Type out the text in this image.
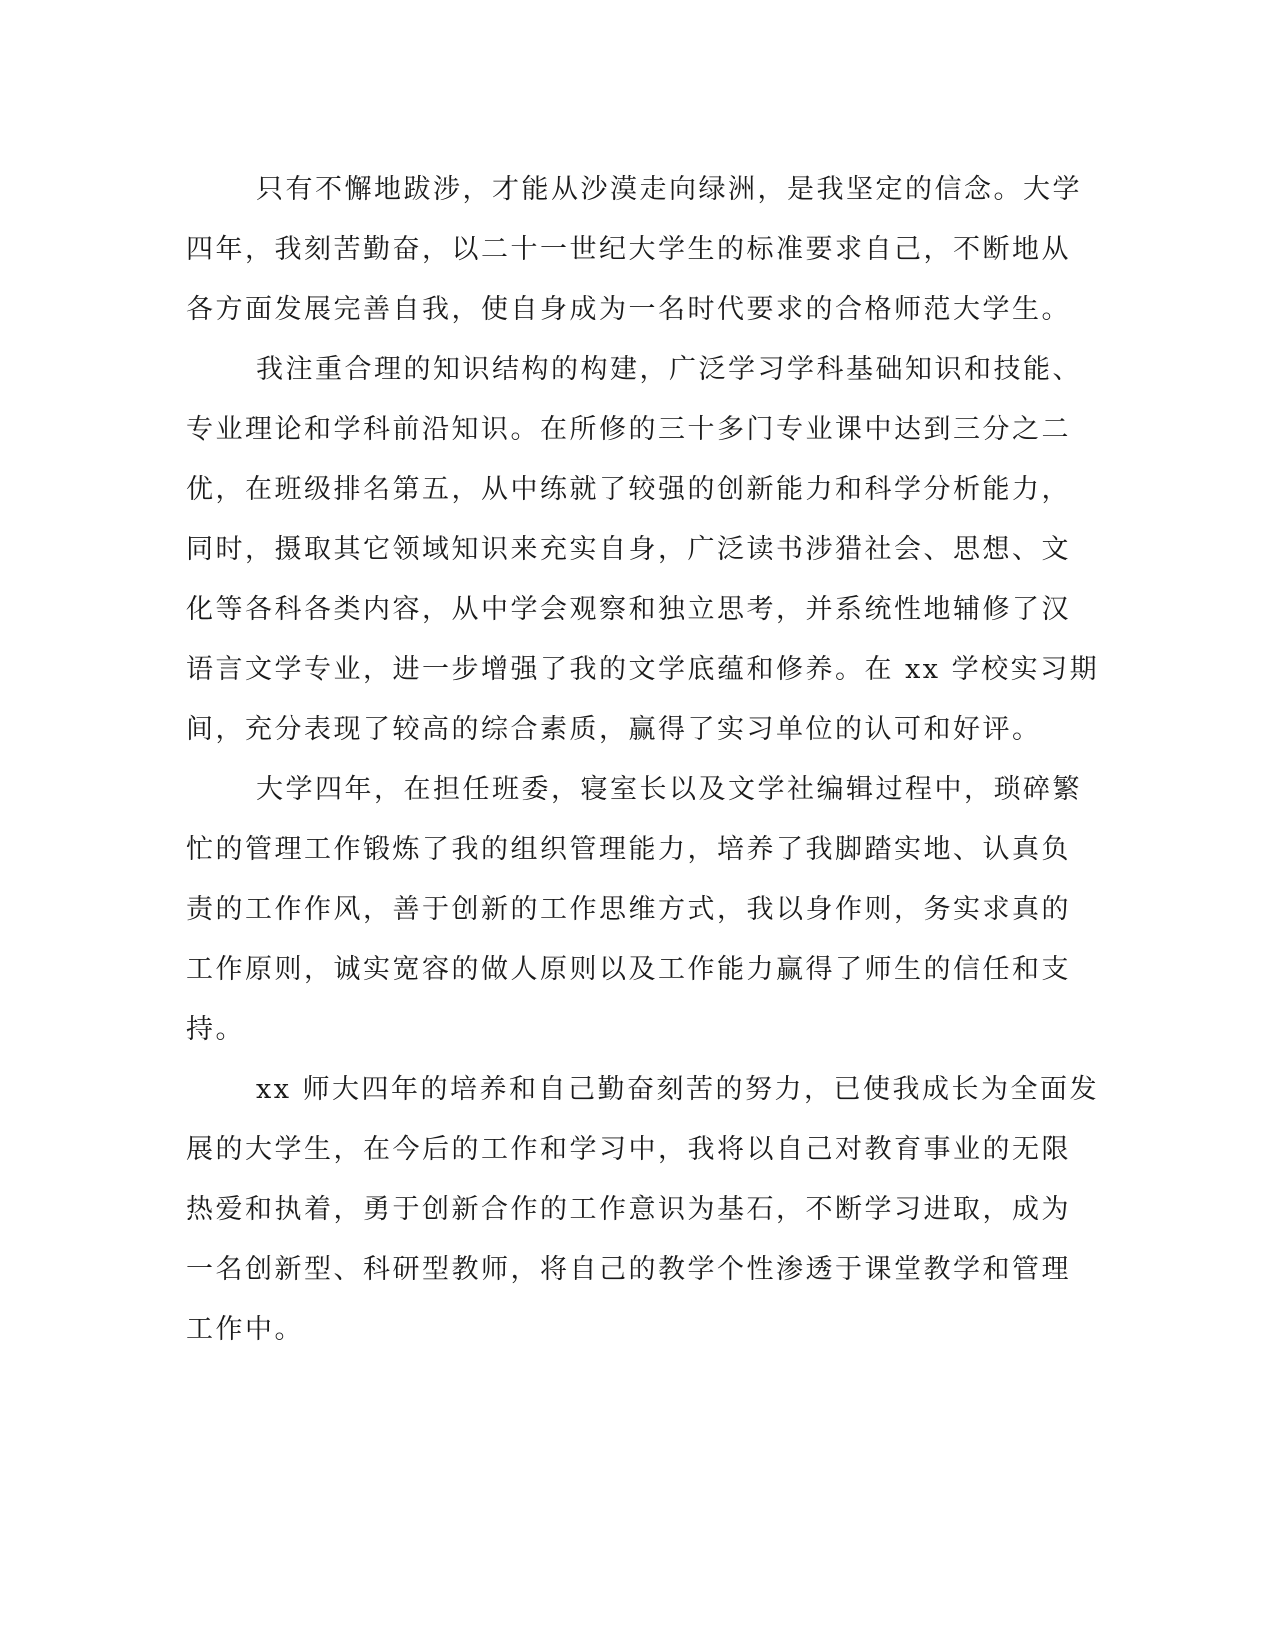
只有不懈地跋涉，才能从沙漠走向绿洲，是我坚定的信念。大学
四年，我刻苦勤奋，以二十一世纪大学生的标准要求自己，不断地从
各方面发展完善自我，使自身成为一名时代要求的合格师范大学生。
我注重合理的知识结构的构建，广泛学习学科基础知识和技能、
专业理论和学科前沿知识。在所修的三十多门专业课中达到三分之二
优，在班级排名第五，从中练就了较强的创新能力和科学分析能力，
同时，摄取其它领域知识来充实自身，广泛读书涉猎社会、思想、文
化等各科各类内容，从中学会观察和独立思考，并系统性地辅修了汉
语言文学专业，进一步增强了我的文学底蕴和修养。在 xx 学校实习期
间，充分表现了较高的综合素质，赢得了实习单位的认可和好评。
大学四年，在担任班委，寝室长以及文学社编辑过程中，琐碎繁
忙的管理工作锻炼了我的组织管理能力，培养了我脚踏实地、认真负
责的工作作风，善于创新的工作思维方式，我以身作则，务实求真的
工作原则，诚实宽容的做人原则以及工作能力赢得了师生的信任和支
持。
xx 师大四年的培养和自己勤奋刻苦的努力，已使我成长为全面发
展的大学生，在今后的工作和学习中，我将以自己对教育事业的无限
热爱和执着，勇于创新合作的工作意识为基石，不断学习进取，成为
一名创新型、科研型教师，将自己的教学个性渗透于课堂教学和管理
工作中。
